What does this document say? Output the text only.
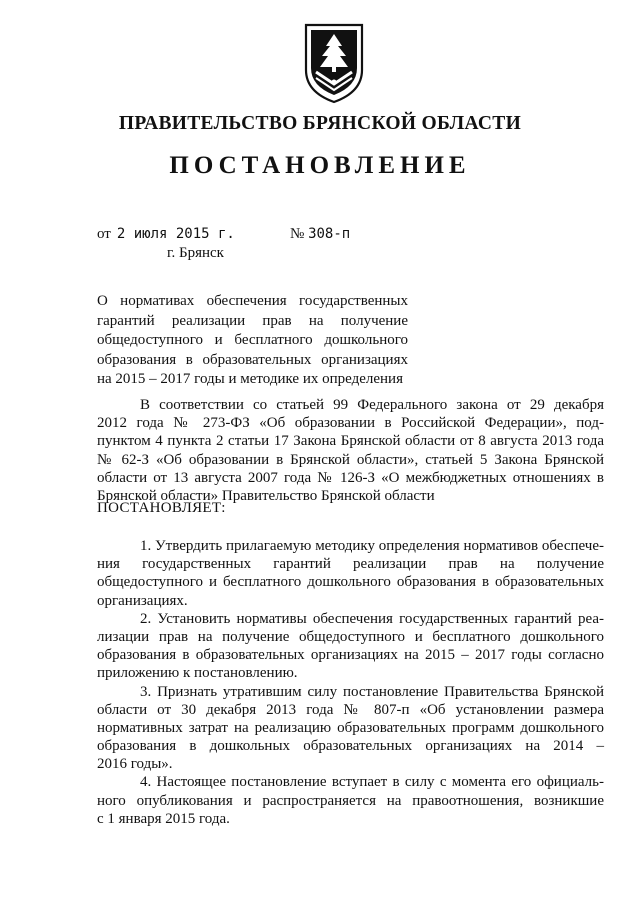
ПРАВИТЕЛЬСТВО БРЯНСКОЙ ОБЛАСТИ
ПОСТАНОВЛЕНИЕ
от 2 июля 2015 г.	№ 308-п
г. Брянск
О нормативах обеспечения государственных
гарантий реализации прав на получение
общедоступного и бесплатного дошкольного
образования в образовательных организациях
на 2015 – 2017 годы и методике их определения
В соответствии со статьей 99 Федерального закона от 29 декабря
2012 года № 273-ФЗ «Об образовании в Российской Федерации», под-
пунктом 4 пункта 2 статьи 17 Закона Брянской области от 8 августа 2013 года
№ 62-З «Об образовании в Брянской области», статьей 5 Закона Брянской
области от 13 августа 2007 года № 126-З «О межбюджетных отношениях в
Брянской области» Правительство Брянской области
ПОСТАНОВЛЯЕТ:
1. Утвердить прилагаемую методику определения нормативов обеспече-
ния государственных гарантий реализации прав на получение
общедоступного и бесплатного дошкольного образования в образовательных
организациях.
2. Установить нормативы обеспечения государственных гарантий реа-
лизации прав на получение общедоступного и бесплатного дошкольного
образования в образовательных организациях на 2015 – 2017 годы согласно
приложению к постановлению.
3. Признать утратившим силу постановление Правительства Брянской
области от 30 декабря 2013 года № 807-п «Об установлении размера
нормативных затрат на реализацию образовательных программ дошкольного
образования в дошкольных образовательных организациях на 2014 –
2016 годы».
4. Настоящее постановление вступает в силу с момента его официаль-
ного опубликования и распространяется на правоотношения, возникшие
с 1 января 2015 года.
